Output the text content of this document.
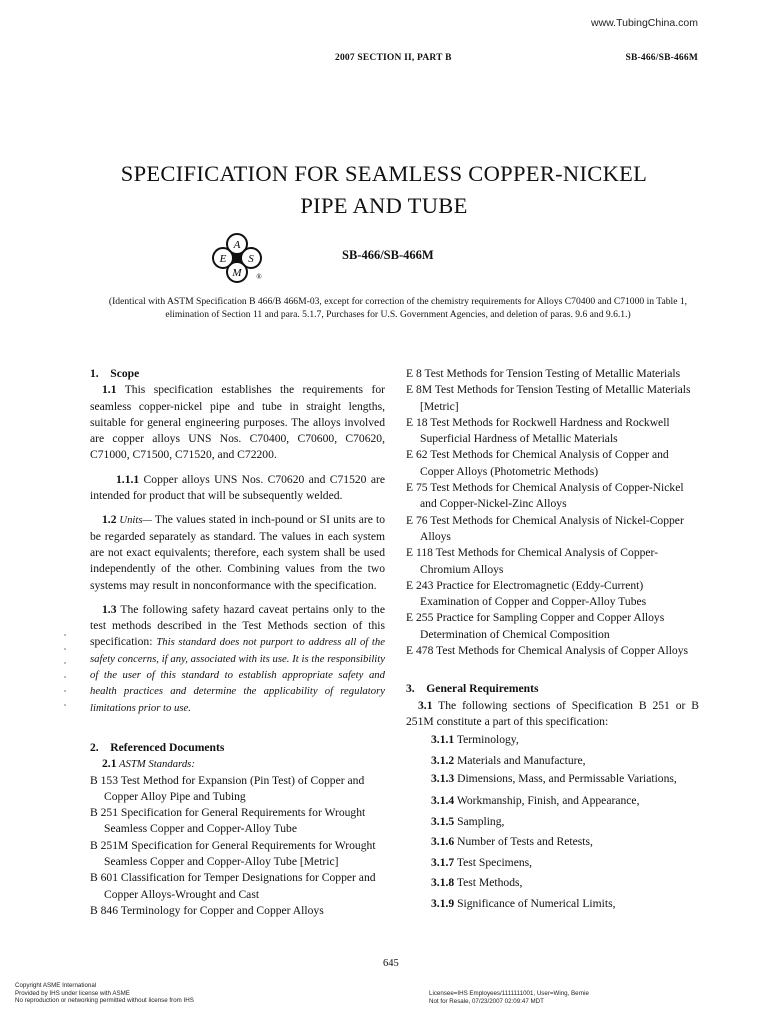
www.TubingChina.com
2007 SECTION II, PART B	SB-466/SB-466M
SPECIFICATION FOR SEAMLESS COPPER-NICKEL
PIPE AND TUBE
A
E S
M ®
SB-466/SB-466M
(Identical with ASTM Specification B 466/B 466M-03, except for correction of the chemistry requirements for Alloys C70400 and C71000 in Table 1, elimination of Section 11 and para. 5.1.7, Purchases for U.S. Government Agencies, and deletion of paras. 9.6 and 9.6.1.)
1.    Scope

1.1 This specification establishes the requirements for seamless copper-nickel pipe and tube in straight lengths, suitable for general engineering purposes. The alloys involved are copper alloys UNS Nos. C70400, C70600, C70620, C71000, C71500, C71520, and C72200.

1.1.1 Copper alloys UNS Nos. C70620 and C71520 are intended for product that will be subsequently welded.

1.2 Units— The values stated in inch-pound or SI units are to be regarded separately as standard. The values in each system are not exact equivalents; therefore, each system shall be used independently of the other. Combining values from the two systems may result in nonconformance with the specification.

1.3 The following safety hazard caveat pertains only to the test methods described in the Test Methods section of this specification: This standard does not purport to address all of the safety concerns, if any, associated with its use. It is the responsibility of the user of this standard to establish appropriate safety and health practices and determine the applicability of regulatory limitations prior to use.

2.    Referenced Documents

2.1 ASTM Standards:

B 153 Test Method for Expansion (Pin Test) of Copper and Copper Alloy Pipe and Tubing

B 251 Specification for General Requirements for Wrought Seamless Copper and Copper-Alloy Tube

B 251M Specification for General Requirements for Wrought Seamless Copper and Copper-Alloy Tube [Metric]

B 601 Classification for Temper Designations for Copper and Copper Alloys-Wrought and Cast

B 846 Terminology for Copper and Copper Alloys

E 8 Test Methods for Tension Testing of Metallic Materials

E 8M Test Methods for Tension Testing of Metallic Materials [Metric]

E 18 Test Methods for Rockwell Hardness and Rockwell Superficial Hardness of Metallic Materials

E 62 Test Methods for Chemical Analysis of Copper and Copper Alloys (Photometric Methods)

E 75 Test Methods for Chemical Analysis of Copper-Nickel and Copper-Nickel-Zinc Alloys

E 76 Test Methods for Chemical Analysis of Nickel-Copper Alloys

E 118 Test Methods for Chemical Analysis of Copper-Chromium Alloys

E 243 Practice for Electromagnetic (Eddy-Current) Examination of Copper and Copper-Alloy Tubes

E 255 Practice for Sampling Copper and Copper Alloys Determination of Chemical Composition

E 478 Test Methods for Chemical Analysis of Copper Alloys

3.    General Requirements

3.1 The following sections of Specification B 251 or B 251M constitute a part of this specification:

3.1.1 Terminology,
3.1.2 Materials and Manufacture,
3.1.3 Dimensions, Mass, and Permissable Variations,
3.1.4 Workmanship, Finish, and Appearance,
3.1.5 Sampling,
3.1.6 Number of Tests and Retests,
3.1.7 Test Specimens,
3.1.8 Test Methods,
3.1.9 Significance of Numerical Limits,
645
Copyright ASME International
Provided by IHS under license with ASME
No reproduction or networking permitted without license from IHS
Licensee=IHS Employees/1111111001, User=Wing, Bernie
Not for Resale, 07/23/2007 02:09:47 MDT
